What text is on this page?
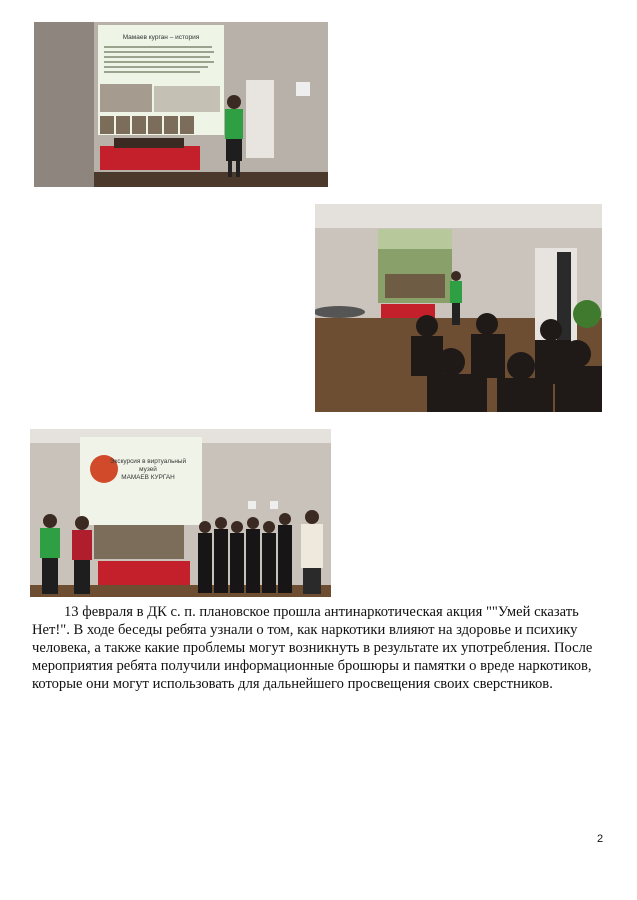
Мамаев курган – история
Экскурсия в виртуальный
музей
МАМАЕВ КУРГАН

13 февраля в ДК с. п. плановское прошла антинаркотическая акция ""Умей сказать Нет!". В ходе беседы ребята узнали о том, как наркотики влияют на здоровье и психику человека, а также какие проблемы могут возникнуть в результате их употребления. После мероприятия ребята получили информационные брошюры и памятки о вреде наркотиков, которые они могут использовать для дальнейшего просвещения своих сверстников.

2
